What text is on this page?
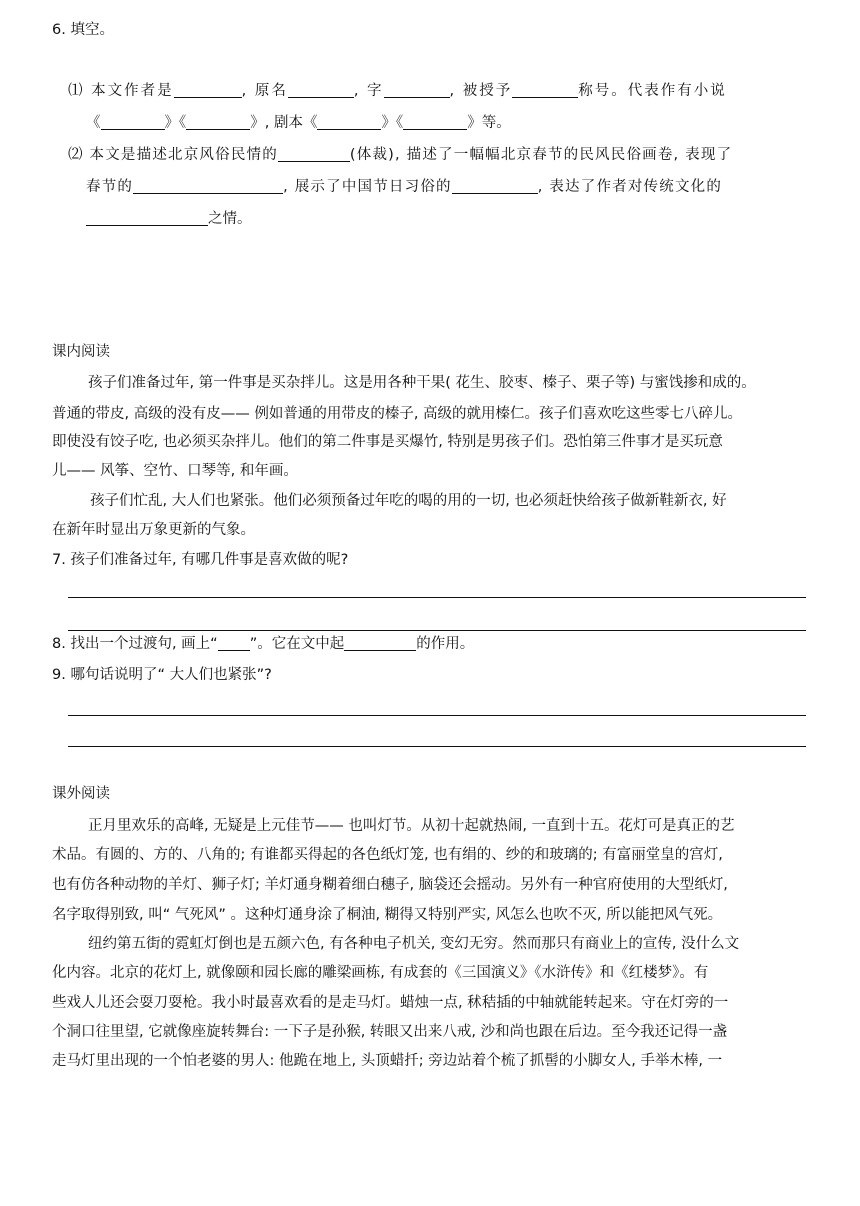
6. 填空。
⑴ 本文作者是	, 原名	, 字	, 被授予	称号。代表作有小说
《	》《	》, 剧本《	》《	》等。
⑵ 本文是描述北京风俗民情的	(体裁), 描述了一幅幅北京春节的民风民俗画卷, 表现了
春节的	, 展示了中国节日习俗的	, 表达了作者对传统文化的
之情。
课内阅读
孩子们准备过年, 第一件事是买杂拌儿。这是用各种干果( 花生、胶枣、榛子、栗子等) 与蜜饯掺和成的。
普通的带皮, 高级的没有皮—— 例如普通的用带皮的榛子, 高级的就用榛仁。孩子们喜欢吃这些零七八碎儿。
即使没有饺子吃, 也必须买杂拌儿。他们的第二件事是买爆竹, 特别是男孩子们。恐怕第三件事才是买玩意
儿—— 风筝、空竹、口琴等, 和年画。
孩子们忙乱, 大人们也紧张。他们必须预备过年吃的喝的用的一切, 也必须赶快给孩子做新鞋新衣, 好
在新年时显出万象更新的气象。
7. 孩子们准备过年, 有哪几件事是喜欢做的呢?
8. 找出一个过渡句, 画上“ ”。它在文中起	的作用。
9. 哪句话说明了“ 大人们也紧张”?
课外阅读
正月里欢乐的高峰, 无疑是上元佳节—— 也叫灯节。从初十起就热闹, 一直到十五。花灯可是真正的艺
术品。有圆的、方的、八角的; 有谁都买得起的各色纸灯笼, 也有绢的、纱的和玻璃的; 有富丽堂皇的宫灯,
也有仿各种动物的羊灯、狮子灯; 羊灯通身糊着细白穗子, 脑袋还会摇动。另外有一种官府使用的大型纸灯,
名字取得别致, 叫“ 气死风” 。这种灯通身涂了桐油, 糊得又特别严实, 风怎么也吹不灭, 所以能把风气死。
纽约第五街的霓虹灯倒也是五颜六色, 有各种电子机关, 变幻无穷。然而那只有商业上的宣传, 没什么文
化内容。北京的花灯上, 就像颐和园长廊的雕梁画栋, 有成套的《三国演义》《水浒传》和《红楼梦》。有
些戏人儿还会耍刀耍枪。我小时最喜欢看的是走马灯。蜡烛一点, 秫秸插的中轴就能转起来。守在灯旁的一
个洞口往里望, 它就像座旋转舞台: 一下子是孙猴, 转眼又出来八戒, 沙和尚也跟在后边。至今我还记得一盏
走马灯里出现的一个怕老婆的男人: 他跪在地上, 头顶蜡扦; 旁边站着个梳了抓髻的小脚女人, 手举木棒, 一
